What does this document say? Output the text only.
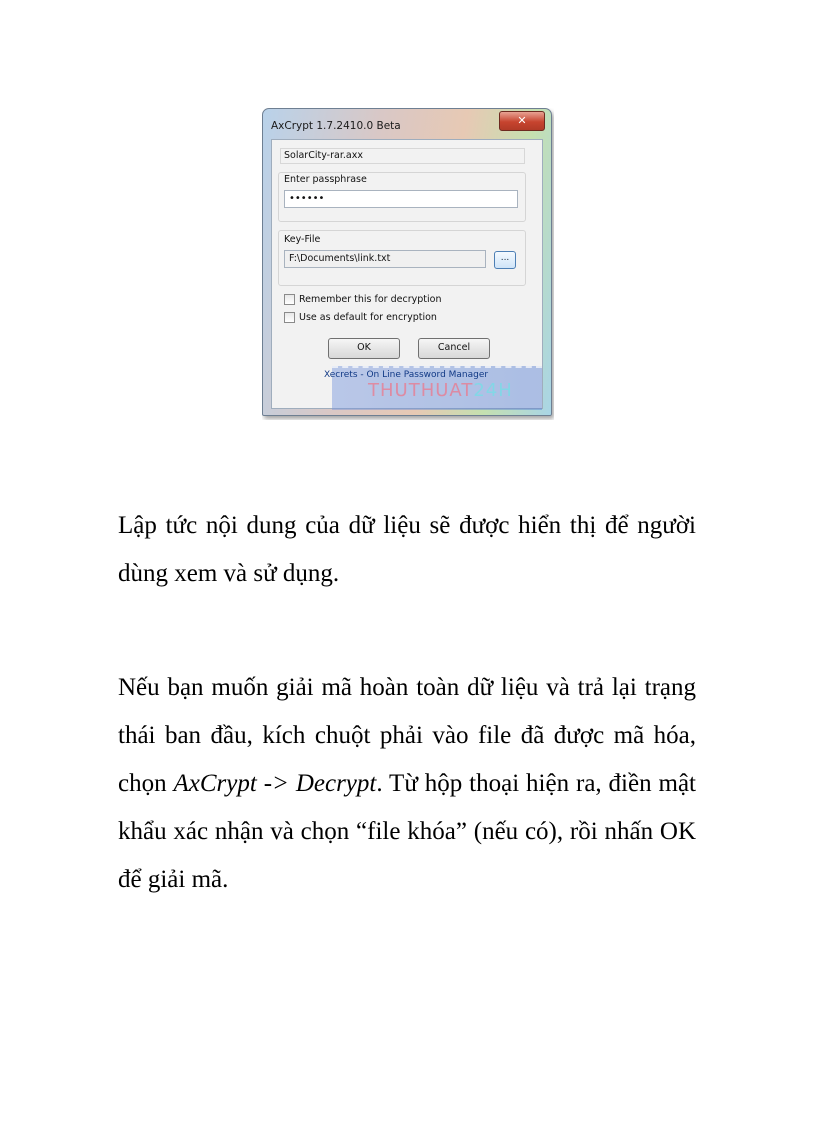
AxCrypt 1.7.2410.0 Beta	✕
SolarCity-rar.axx
Enter passphrase
••••••
Key-File
F:\Documents\link.txt	...
Remember this for decryption
Use as default for encryption
OK	Cancel
Xecrets - On Line Password Manager
THUTHUAT24H

Lập tức nội dung của dữ liệu sẽ được hiển thị để người dùng xem và sử dụng.

Nếu bạn muốn giải mã hoàn toàn dữ liệu và trả lại trạng thái ban đầu, kích chuột phải vào file đã được mã hóa, chọn AxCrypt -> Decrypt. Từ hộp thoại hiện ra, điền mật khẩu xác nhận và chọn “file khóa” (nếu có), rồi nhấn OK để giải mã.
